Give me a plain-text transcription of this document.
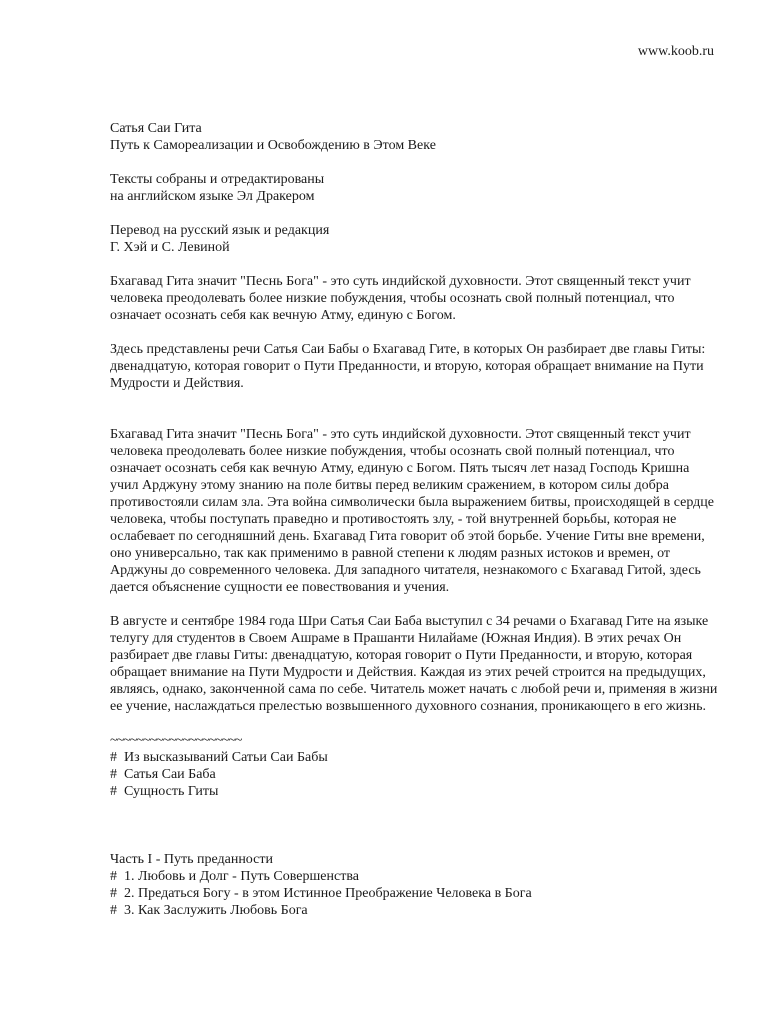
www.koob.ru
Сатья Саи Гита
Путь к Самореализации и Освобождению в Этом Веке
Тексты собраны и отредактированы
на английском языке Эл Дракером
Перевод на русский язык и редакция
Г. Хэй и С. Левиной

Бхагавад Гита значит "Песнь Бога" - это суть индийской духовности. Этот священный текст учит человека преодолевать более низкие побуждения, чтобы осознать свой полный потенциал, что означает осознать себя как вечную Атму, единую с Богом.

Здесь представлены речи Сатья Саи Бабы о Бхагавад Гите, в которых Он разбирает две главы Гиты: двенадцатую, которая говорит о Пути Преданности, и вторую, которая обращает внимание на Пути Мудрости и Действия.

Бхагавад Гита значит "Песнь Бога" - это суть индийской духовности. Этот священный текст учит человека преодолевать более низкие побуждения, чтобы осознать свой полный потенциал, что означает осознать себя как вечную Атму, единую с Богом. Пять тысяч лет назад Господь Кришна учил Арджуну этому знанию на поле битвы перед великим сражением, в котором силы добра противостояли силам зла. Эта война символически была выражением битвы, происходящей в сердце человека, чтобы поступать праведно и противостоять злу, - той внутренней борьбы, которая не ослабевает по сегодняшний день. Бхагавад Гита говорит об этой борьбе. Учение Гиты вне времени, оно универсально, так как применимо в равной степени к людям разных истоков и времен, от Арджуны до современного человека. Для западного читателя, незнакомого с Бхагавад Гитой, здесь дается объяснение сущности ее повествования и учения.

В августе и сентябре 1984 года Шри Сатья Саи Баба выступил с 34 речами о Бхагавад Гите на языке телугу для студентов в Своем Ашраме в Прашанти Нилайаме (Южная Индия). В этих речах Он разбирает две главы Гиты: двенадцатую, которая говорит о Пути Преданности, и вторую, которая обращает внимание на Пути Мудрости и Действия. Каждая из этих речей строится на предыдущих, являясь, однако, законченной сама по себе. Читатель может начать с любой речи и, применяя в жизни ее учение, наслаждаться прелестью возвышенного духовного сознания, проникающего в его жизнь.

~~~~~~~~~~~~~~~~~~~~
# Из высказываний Сатьи Саи Бабы
# Сатья Саи Баба
# Сущность Гиты
Часть I - Путь преданности
# 1. Любовь и Долг - Путь Совершенства
# 2. Предаться Богу - в этом Истинное Преображение Человека в Бога
# 3. Как Заслужить Любовь Бога
